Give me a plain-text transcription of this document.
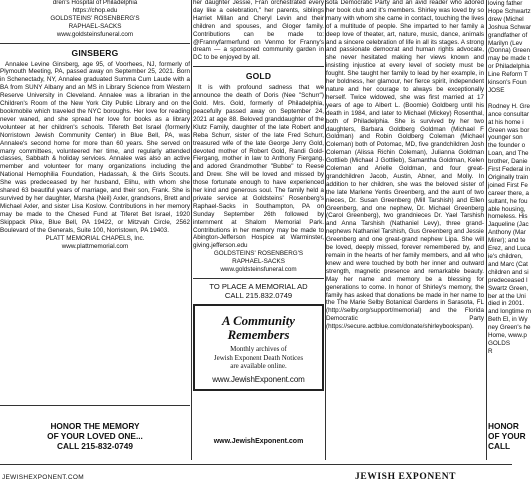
dren's Hospital of Philadelphia
https://chop.edu
GOLDSTEINS' ROSENBERG'S
RAPHAEL-SACKS
www.goldsteinsfuneral.com
GINSBERG
Annalee Levine Ginsberg, age 95, of Voorhees, NJ, formerly of Plymouth Meeting, PA, passed away on September 25, 2021. Born in Schenectady, NY, Annalee graduated Summa Cum Laude with a BA from SUNY Albany and an MS in Library Science from Western Reserve University in Cleveland. Annalee was a librarian in the Children's Room of the New York City Public Library and on the bookmobile which traveled the NYC boroughs. Her love for reading never waned, and she spread her love for books as a library volunteer at her children's schools. Tifereth Bet Israel (formerly Norristown Jewish Community Center) in Blue Bell, PA, was Annalee's second home for more than 60 years. She served on many committees, volunteered her time, and regularly attended classes, Sabbath & holiday services. Annalee was also an active member and volunteer for many organizations including the National Hemophilia Foundation, Hadassah, & the Girls Scouts. She was predeceased by her husband, Elihu, with whom she shared 63 beautiful years of marriage, and their son, Frank. She is survived by her daughter, Marsha (Neil) Axler, grandsons, Brett and Michael Axler, and sister Lisa Koslow. Contributions in her memory may be made to the Chesed Fund at Tiferet Bet Israel, 1920 Skippack Pike, Blue Bell, PA 19422, or Mitzvah Circle, 2562 Boulevard of the Generals, Suite 100, Norristown, PA 19403.
PLATT MEMORIAL CHAPELS, Inc.
www.plattmemorial.com
HONOR THE MEMORY
OF YOUR LOVED ONE...
CALL 215-832-0749
her daughter Jessie, Fran orchestrated every day like a celebration," her parents, siblings Harriet Millan and Cheryl Levin and their children and spouses, and Gloger family. Contributions can be made to: @Frannyfarmerfund on Venmo for Franny's dream — a sponsored community garden in DC to be enjoyed by all.
GOLD
It is with profound sadness that we announce the death of Doris (Nee "Schurr") Gold. Mrs. Gold, formerly of Philadelphia, peacefully passed away on September 24, 2021 at age 88. Beloved granddaughter of the Klutz Family, daughter of the late Robert and Reba Schurr, sister of the late Fred Schurr, treasured wife of the late George Jerry Gold, devoted mother of Robert Gold, Randi Gold-Fiergang, mother in law to Anthony Fiergang, and adored Grandmother "Bubbe" to Reese and Drew. She will be loved and missed by those fortunate enough to have experienced her kind and generous soul. The family held a private service at Goldsteins' Rosenberg's Raphael-Sacks in Southampton, PA on Sunday September 26th followed by internment at Shalom Memorial Park. Contributions in her memory may be made to Abington-Jefferson Hospice at Warminster, giving.jefferson.edu
GOLDSTEINS' ROSENBERG'S
RAPHAEL-SACKS
www.goldsteinsfuneral.com
TO PLACE A MEMORIAL AD
CALL 215.832.0749
A Community
Remembers
Monthly archives of
Jewish Exponent Death Notices
are available online.
www.JewishExponent.com
www.JewishExponent.com
sota Democratic Party and an avid reader who adored her book club and it's members. Shirley was loved by so many with whom she came in contact, touching the lives of a multitude of people. She imparted to her family a deep love of theater, art, nature, music, dance, animals and a sincere celebration of life in all its stages. A strong and passionate democrat and human rights advocate, she never hesitated making her views known and insisting injustice at every level of society must be fought. She taught her family to lead by her example, in her boldness, her glamour, her fierce spirit, independent nature and her courage to always be exceptionally herself. Twice widowed, she was first married at 17 years of age to Albert L. (Boomie) Goldberg until his death in 1984, and later to Michael (Mickey) Rosenthal, both of Philadelphia. She is survived by her two daughters, Barbara Goldberg Goldman (Michael F Goldman) and Robin Goldberg Coleman (Michael Coleman) both of Potomac, MD, five grandchildren Josh Coleman (Alissa Richin Coleman), Julianna Goldman Gottlieb (Michael J Gottlieb), Samantha Goldman, Kelen Coleman and Arielle Goldman, and four great-grandchildren Jacob, Austin, Abner, and Molly. In addition to her children, she was the beloved sister of the late Marlene Yentis Greenberg, and the aunt of two nieces, Dr. Susan Greenberg (Mill Tarshish) and Ellen Greenberg, and one nephew, Dr. Michael Greenberg (Carol Greenberg), two grandnieces Dr. Yael Tarshish and Anna Tarshish (Nathaniel Levy), three grand-nephews Nathaniel Tarshish, Gus Greenberg and Jessie Greenberg and one great-grand nephew Lipa. She will be loved, deeply missed, forever remembered by, and remain in the hearts of her family members, and all who knew and were touched by both her inner and outward strength, magnetic presence and remarkable beauty. May her name and memory be a blessing for generations to come. In honor of Shirley's memory, the family has asked that donations be made in her name to the The Marie Selby Botanical Gardens in Sarasota, FL (http://selby.org/support/memorial) and the Florida Democratic Party (https://secure.actblue.com/donate/shirleybookspan).
loving father
Hope Schwartz
drew (Michel
Joshua Schwar
grandfather of
Marilyn (Lev
(Donna) Green
may be made t
or Philadelphia
Line Reform T
kinson's Foun
JOSE

Rodney H. Gre
ance consultar
at his home i
Green was bor
younger son
the founder o
Loan, and The
brother, Danie
First Federal in
Originally train
joined First Fe
career there, a
sultant, he fou
able housing,
homeless. His
Jaqueline (Jac
Anthony (Mar
Mirer); and te
Erez, and Luca
ie's children,
and Marc (Cat
children and si
predeceased l
Swartz Green,
ber at the Uni
died in 2001.
and longtime m
Beth El, in Wy
ney Green's he
Home, www.p
GOLDS
R
HONOR
OF YOUR
CALL
JEWISHEXPONENT.COM	JEWISH EXPONENT
